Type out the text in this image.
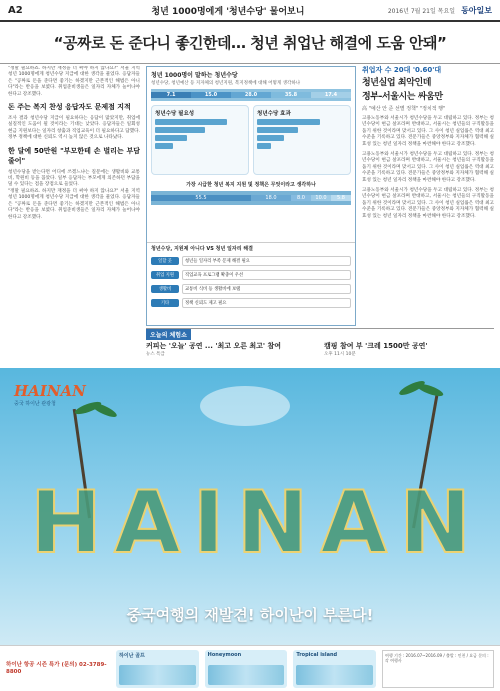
A2	청년 1000명에게 '청년수당' 물어보니	2016년 7월 21일 목요일 동아일보
“공짜로 돈 준다니 좋긴한데… 청년 취업난 해결에 도움 안돼”

"정말 필요하죠. 하지만 재정을 더 써야 하지 않나요?" 서울 지역 청년 1000명에게 청년수당 지급에 대한 생각을 물었다. 응답자들은 "공짜로 돈을 준다면 좋기는 하겠지만 근본적인 해법은 아니다"라는 반응을 보였다. 취업준비생들은 일자리 자체가 늘어나야 한다고 강조했다.

돈 주는 복지 찬성 응답자도 문제점 지적

조사 결과 청년수당 지급이 필요하다는 응답이 많았지만, 취업에 실질적인 도움이 될 것이라는 기대는 낮았다. 응답자들은 일회성 현금 지원보다는 일자리 창출과 직업교육이 더 필요하다고 답했다. 정부 정책에 대한 신뢰도 역시 높지 않은 것으로 나타났다.

한 달에 50만원 "부모한테 손 벌리는 부담 줄어"

청년수당을 받는다면 어디에 쓰겠느냐는 질문에는 생활비와 교통비, 학원비 등을 꼽았다. 일부 응답자는 부모에게 의존하던 부담을 덜 수 있다는 점을 장점으로 들었다.

"정말 필요하죠. 하지만 재정을 더 써야 하지 않나요?" 서울 지역 청년 1000명에게 청년수당 지급에 대한 생각을 물었다. 응답자들은 "공짜로 돈을 준다면 좋기는 하겠지만 근본적인 해법은 아니다"라는 반응을 보였다. 취업준비생들은 일자리 자체가 늘어나야 한다고 강조했다.

청년 1000명이 말하는 청년수당
청년수당, 청년예산 등 지자체의 청년지원, 복지정책에 대해 어떻게 생각하나
7.1	15.0	28.0	35.8	17.4
청년수당 필요성	청년수당 효과
가장 시급한 청년 복지 지원 및 정책은 무엇이라고 생각하나
55.5	18.0	8.0	10.0	5.8
청년수당, 지원제 아니다 VS 청년 일자리 해결
일할 곳	청년들 일자리 부족 문제 해결 필요
취업 지원	직업교육 프로그램 확충이 우선
생활비	교통비 식비 등 생활비에 보탬
기타	정책 신뢰도 제고 필요
취업자 수 20대 '0.60'대
청년실업 최악인데
정부-서울시는 싸움만
高 "예산 안 준 선별 정책" "정치적 행"

고용노동부와 서울시가 청년수당을 두고 대립하고 있다. 정부는 청년수당이 현금 살포라며 반대하고, 서울시는 청년들의 구직활동을 돕기 위한 것이라며 맞서고 있다. 그 사이 청년 실업률은 역대 최고 수준을 기록하고 있다. 전문가들은 중앙정부와 지자체가 협력해 실효성 있는 청년 일자리 정책을 마련해야 한다고 강조했다.

고용노동부와 서울시가 청년수당을 두고 대립하고 있다. 정부는 청년수당이 현금 살포라며 반대하고, 서울시는 청년들의 구직활동을 돕기 위한 것이라며 맞서고 있다. 그 사이 청년 실업률은 역대 최고 수준을 기록하고 있다. 전문가들은 중앙정부와 지자체가 협력해 실효성 있는 청년 일자리 정책을 마련해야 한다고 강조했다.

고용노동부와 서울시가 청년수당을 두고 대립하고 있다. 정부는 청년수당이 현금 살포라며 반대하고, 서울시는 청년들의 구직활동을 돕기 위한 것이라며 맞서고 있다. 그 사이 청년 실업률은 역대 최고 수준을 기록하고 있다. 전문가들은 중앙정부와 지자체가 협력해 실효성 있는 청년 일자리 정책을 마련해야 한다고 강조했다.

오늘의 체험쇼
커피는 '오늘' 공연 ... '최고 오른 최고' 참여
뉴스 특급
캠핑 참여 부 '크레 1500만 공연'
오후 11시 10분
HAINAN
중국 하이난 관광청
HAINAN
중국여행의 재발견! 하이난이 부른다!
하이난 항공 시즌 특가 (문의) 02-3789-8800
하이난 골프	Honeymoon	Tropical island	여행 기간 : 2016.07~2016.09 / 출발 : 인천 / 요금 문의 : 각 여행사
